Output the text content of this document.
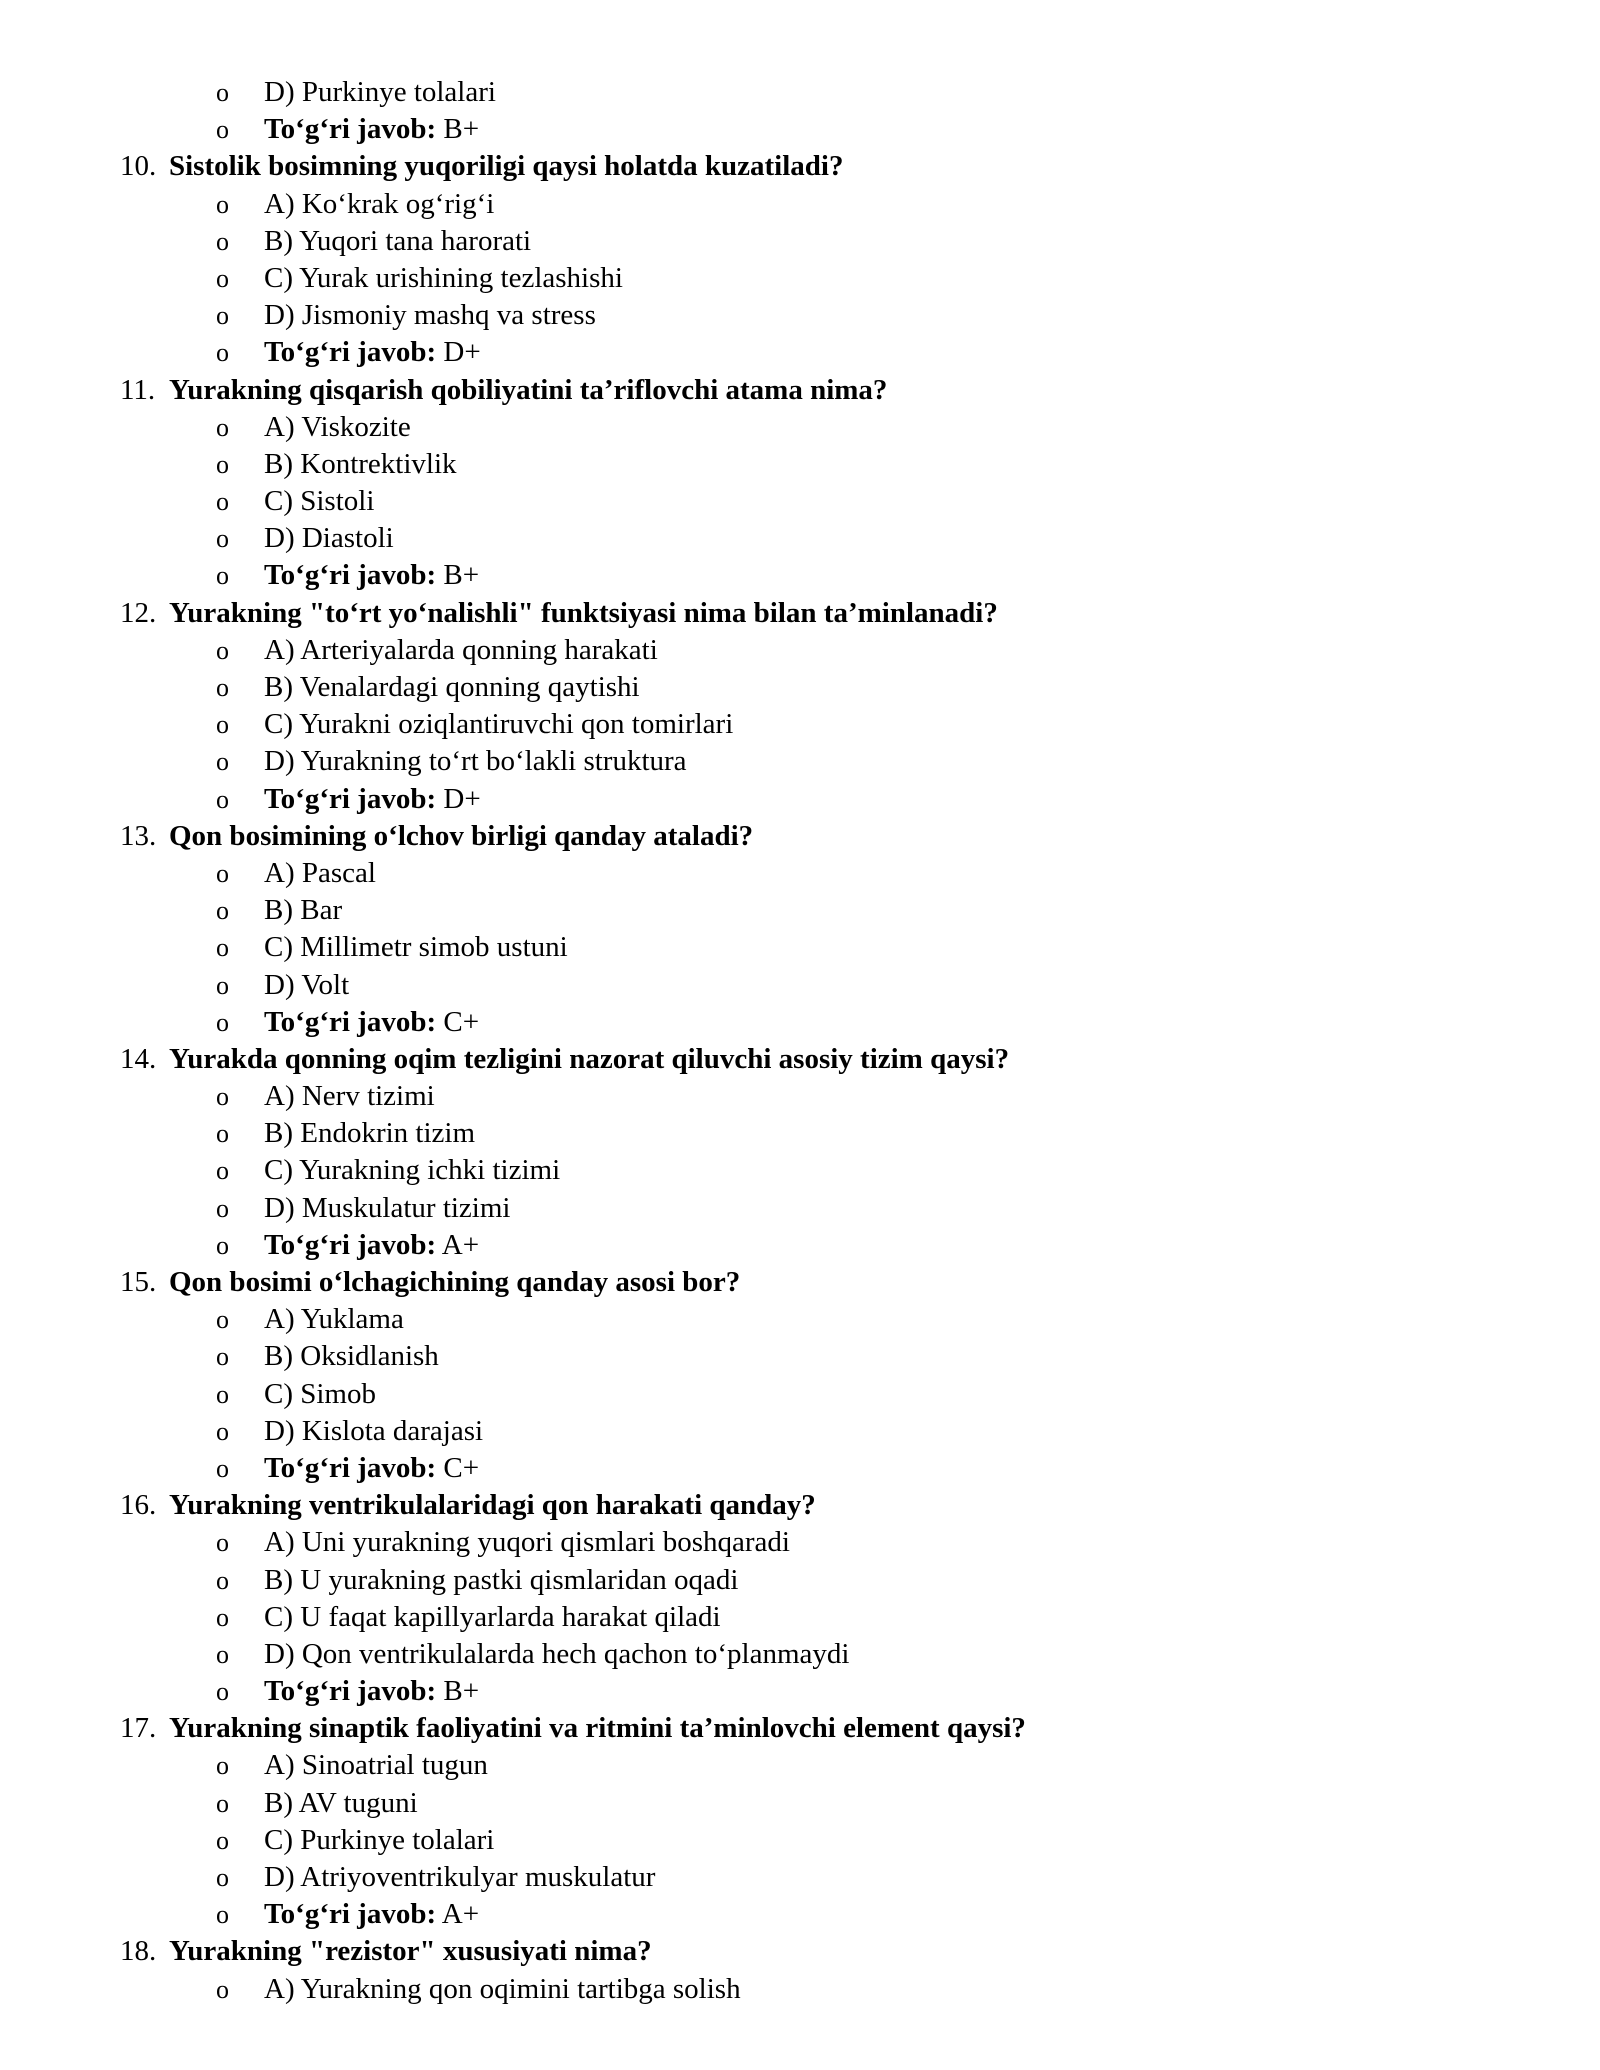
o D) Purkinye tolalari
o To‘g‘ri javob: B+
10. Sistolik bosimning yuqoriligi qaysi holatda kuzatiladi?
o A) Ko‘krak og‘rig‘i
o B) Yuqori tana harorati
o C) Yurak urishining tezlashishi
o D) Jismoniy mashq va stress
o To‘g‘ri javob: D+
11. Yurakning qisqarish qobiliyatini ta’riflovchi atama nima?
o A) Viskozite
o B) Kontrektivlik
o C) Sistoli
o D) Diastoli
o To‘g‘ri javob: B+
12. Yurakning "to‘rt yo‘nalishli" funktsiyasi nima bilan ta’minlanadi?
o A) Arteriyalarda qonning harakati
o B) Venalardagi qonning qaytishi
o C) Yurakni oziqlantiruvchi qon tomirlari
o D) Yurakning to‘rt bo‘lakli struktura
o To‘g‘ri javob: D+
13. Qon bosimining o‘lchov birligi qanday ataladi?
o A) Pascal
o B) Bar
o C) Millimetr simob ustuni
o D) Volt
o To‘g‘ri javob: C+
14. Yurakda qonning oqim tezligini nazorat qiluvchi asosiy tizim qaysi?
o A) Nerv tizimi
o B) Endokrin tizim
o C) Yurakning ichki tizimi
o D) Muskulatur tizimi
o To‘g‘ri javob: A+
15. Qon bosimi o‘lchagichining qanday asosi bor?
o A) Yuklama
o B) Oksidlanish
o C) Simob
o D) Kislota darajasi
o To‘g‘ri javob: C+
16. Yurakning ventrikulalaridagi qon harakati qanday?
o A) Uni yurakning yuqori qismlari boshqaradi
o B) U yurakning pastki qismlaridan oqadi
o C) U faqat kapillyarlarda harakat qiladi
o D) Qon ventrikulalarda hech qachon to‘planmaydi
o To‘g‘ri javob: B+
17. Yurakning sinaptik faoliyatini va ritmini ta’minlovchi element qaysi?
o A) Sinoatrial tugun
o B) AV tuguni
o C) Purkinye tolalari
o D) Atriyoventrikulyar muskulatur
o To‘g‘ri javob: A+
18. Yurakning "rezistor" xususiyati nima?
o A) Yurakning qon oqimini tartibga solish
